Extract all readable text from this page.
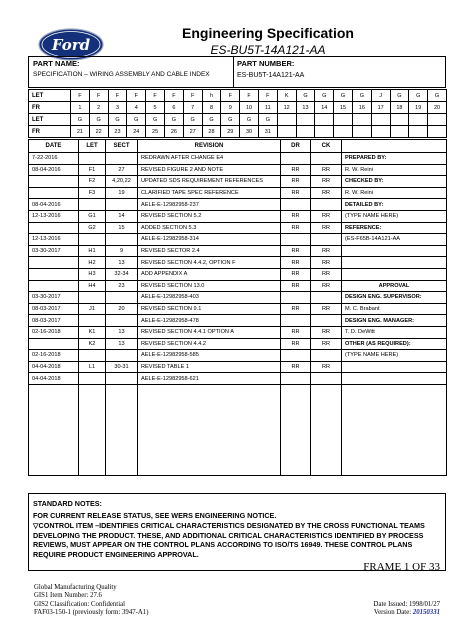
Ford
Engineering Specification
ES-BU5T-14A121-AA
PART NAME:
SPECIFICATION – WIRING ASSEMBLY AND CABLE INDEX
PART NUMBER:
ES-BU5T-14A121-AA
LET	F	F	F	F	F	F	F	h	F	F	F	K	G	G	G	G	J	G	G	G
FR	1	2	3	4	5	6	7	8	9	10	11	12	13	14	15	16	17	18	19	20
LET	G	G	G	G	G	G	G	G	G	G	G									
FR	21	22	23	24	25	26	27	28	29	30	31									
DATE	LET	SECT	REVISION	DR	CK	
7-22-2016			REDRAWN AFTER CHANGE E4			PREPARED BY:
08-04-2016	F1	27	REVISED FIGURE 2 AND NOTE	RR	RR	R. W. Reini
	F2	4,20,22	UPDATED SDS REQUIREMENT REFERENCES	RR	RR	CHECKED BY:
	F3	19	CLARIFIED TAPE SPEC REFERENCE	RR	RR	R. W. Reini
08-04-2016			AELE-E-12982958-237			DETAILED BY:
12-13-2016	G1	14	REVISED SECTION 5.2	RR	RR	(TYPE NAME HERE)
	G2	15	ADDED SECTION 5.3	RR	RR	REFERENCE:
12-13-2016			AELE-E-12982958-314			(ES-F65B-14A121-AA
03-30-2017	H1	9	REVISED SECTOR 2.4	RR	RR	
	H2	13	REVISED SECTION 4.4.2, OPTION F	RR	RR	
	H3	32-34	ADD APPENDIX A	RR	RR	
	H4	23	REVISED SECTION 13.0	RR	RR	APPROVAL
03-30-2017			AELE-E-12982958-403			DESIGN ENG. SUPERVISOR:
08-03-2017	J1	20	REVISED SECTION 9.1	RR	RR	M. C. Brabant
08-03-2017			AELE-E-12982958-478			DESIGN ENG. MANAGER:
02-16-2018	K1	13	REVISED SECTION 4.4.1 OPTION A	RR	RR	T. D. DeWitt
	K2	13	REVISED SECTION 4.4.2	RR	RR	OTHER (AS REQUIRED):
02-16-2018			AELE-E-12982958-585			(TYPE NAME HERE)
04-04-2018	L1	30-31	REVISED TABLE 1	RR	RR	
04-04-2018			AELE-E-12982958-621			

STANDARD NOTES:
FOR CURRENT RELEASE STATUS, SEE WERS ENGINEERING NOTICE.
▽CONTROL ITEM –IDENTIFIES CRITICAL CHARACTERISTICS DESIGNATED BY THE CROSS FUNCTIONAL TEAMS DEVELOPING THE PRODUCT. THESE, AND ADDITIONAL CRITICAL CHARACTERISTICS IDENTIFIED BY PROCESS REVIEWS, MUST APPEAR ON THE CONTROL PLANS ACCORDING TO ISO/TS 16949. THESE CONTROL PLANS REQUIRE PRODUCT ENGINEERING APPROVAL.
FRAME 1 OF 33
Global Manufacturing Quality
GIS1 Item Number: 27.6
GIS2 Classification: Confidential
FAF03-150-1 (previously form: 3947-A1)
Date Issued: 1998/01/27
Version Date: 20150331
